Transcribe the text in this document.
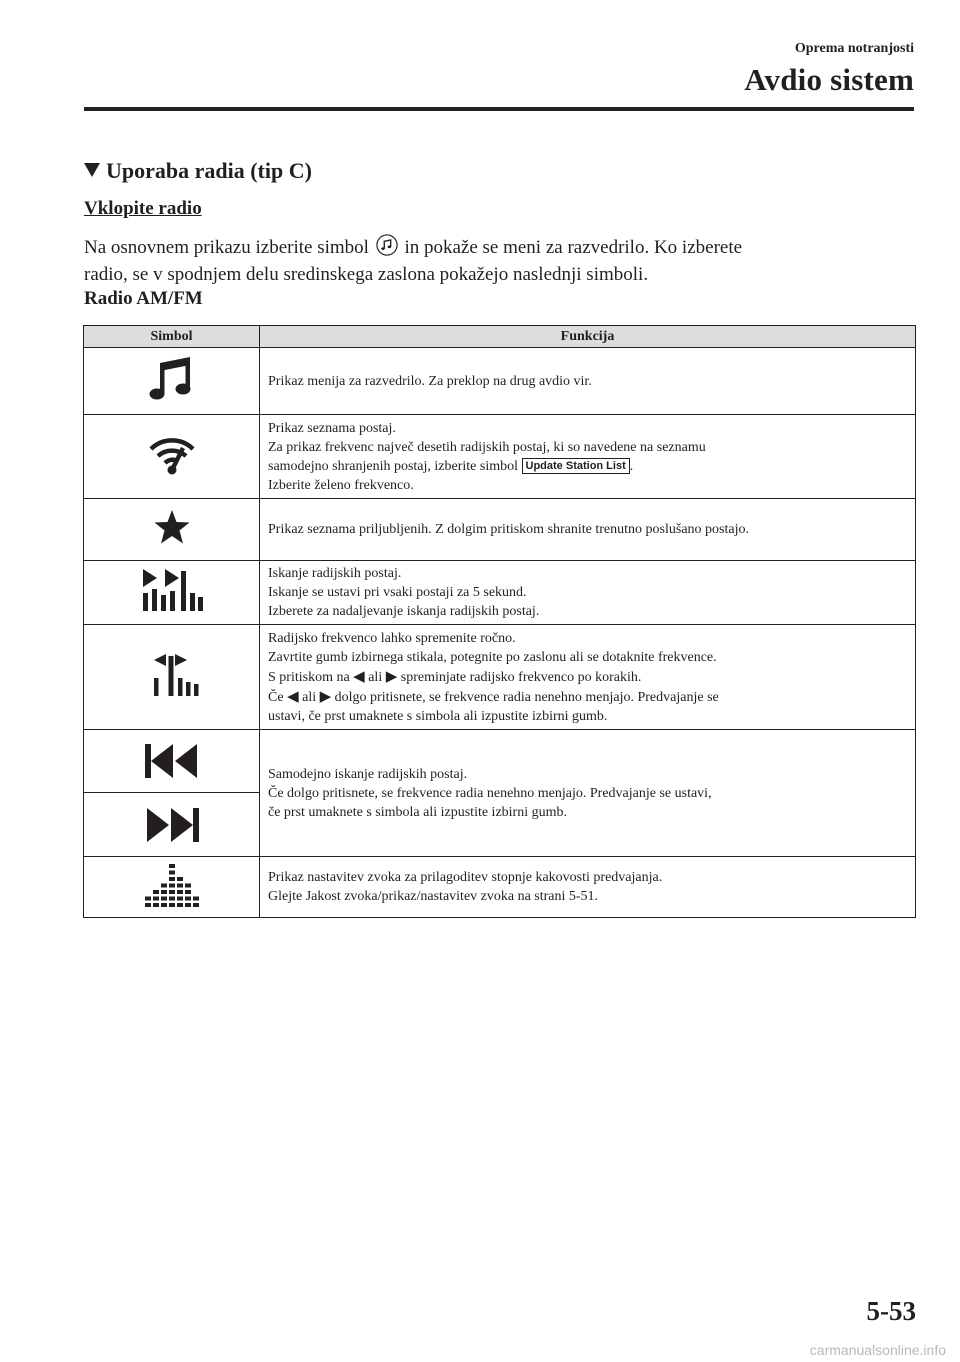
Oprema notranjosti
Avdio sistem
Uporaba radia (tip C)
Vklopite radio
Na osnovnem prikazu izberite simbol in pokaže se meni za razvedrilo. Ko izberete
radio, se v spodnjem delu sredinskega zaslona pokažejo naslednji simboli.
Radio AM/FM
Simbol	Funkcija

Prikaz menija za razvedrilo. Za preklop na drug avdio vir.

Prikaz seznama postaj.
Za prikaz frekvenc največ desetih radijskih postaj, ki so navedene na seznamu
samodejno shranjenih postaj, izberite simbol Update Station List .
Izberite želeno frekvenco.

Prikaz seznama priljubljenih. Z dolgim pritiskom shranite trenutno poslušano postajo.

Iskanje radijskih postaj.
Iskanje se ustavi pri vsaki postaji za 5 sekund.
Izberete za nadaljevanje iskanja radijskih postaj.

Radijsko frekvenco lahko spremenite ročno.
Zavrtite gumb izbirnega stikala, potegnite po zaslonu ali se dotaknite frekvence.
S pritiskom na ◀ ali ▶ spreminjate radijsko frekvenco po korakih.
Če ◀ ali ▶ dolgo pritisnete, se frekvence radia nenehno menjajo. Predvajanje se
ustavi, če prst umaknete s simbola ali izpustite izbirni gumb.

Samodejno iskanje radijskih postaj.
Če dolgo pritisnete, se frekvence radia nenehno menjajo. Predvajanje se ustavi,
če prst umaknete s simbola ali izpustite izbirni gumb.

Prikaz nastavitev zvoka za prilagoditev stopnje kakovosti predvajanja.
Glejte Jakost zvoka/prikaz/nastavitev zvoka na strani 5-51.
5-53
carmanualsonline.info
